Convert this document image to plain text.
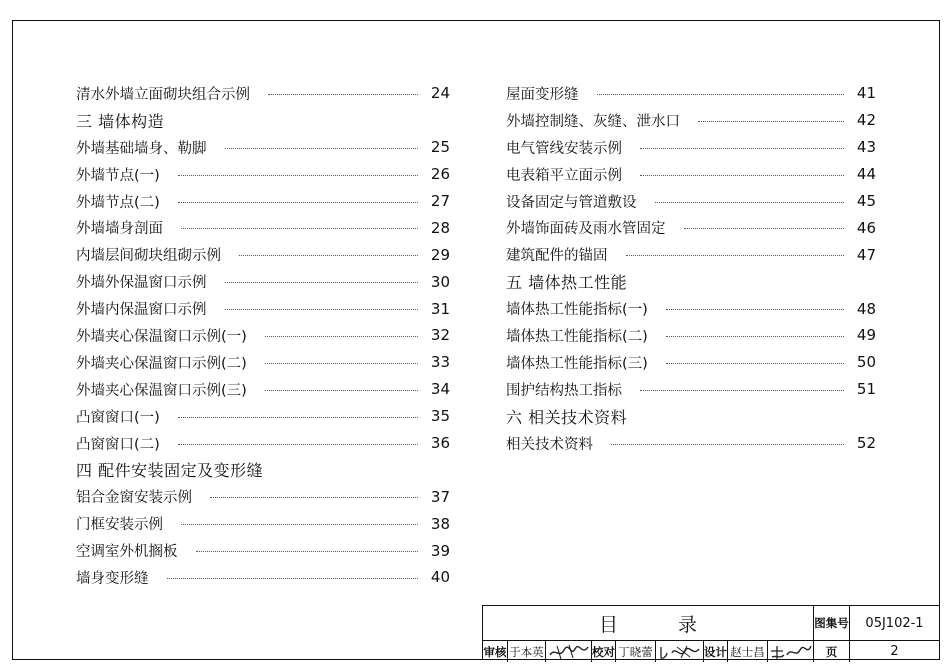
清水外墙立面砌块组合示例	24
三 墙体构造
外墙基础墙身、勒脚	25
外墙节点(一)	26
外墙节点(二)	27
外墙墙身剖面	28
内墙层间砌块组砌示例	29
外墙外保温窗口示例	30
外墙内保温窗口示例	31
外墙夹心保温窗口示例(一)	32
外墙夹心保温窗口示例(二)	33
外墙夹心保温窗口示例(三)	34
凸窗窗口(一)	35
凸窗窗口(二)	36
四 配件安装固定及变形缝
铝合金窗安装示例	37
门框安装示例	38
空调室外机搁板	39
墙身变形缝	40
屋面变形缝	41
外墙控制缝、灰缝、泄水口	42
电气管线安装示例	43
电表箱平立面示例	44
设备固定与管道敷设	45
外墙饰面砖及雨水管固定	46
建筑配件的锚固	47
五 墙体热工性能
墙体热工性能指标(一)	48
墙体热工性能指标(二)	49
墙体热工性能指标(三)	50
围护结构热工指标	51
六 相关技术资料
相关技术资料	52
目录	图集号	05J102-1
审核 于本英	校对 丁晓蕾	设计 赵士昌	页	2
